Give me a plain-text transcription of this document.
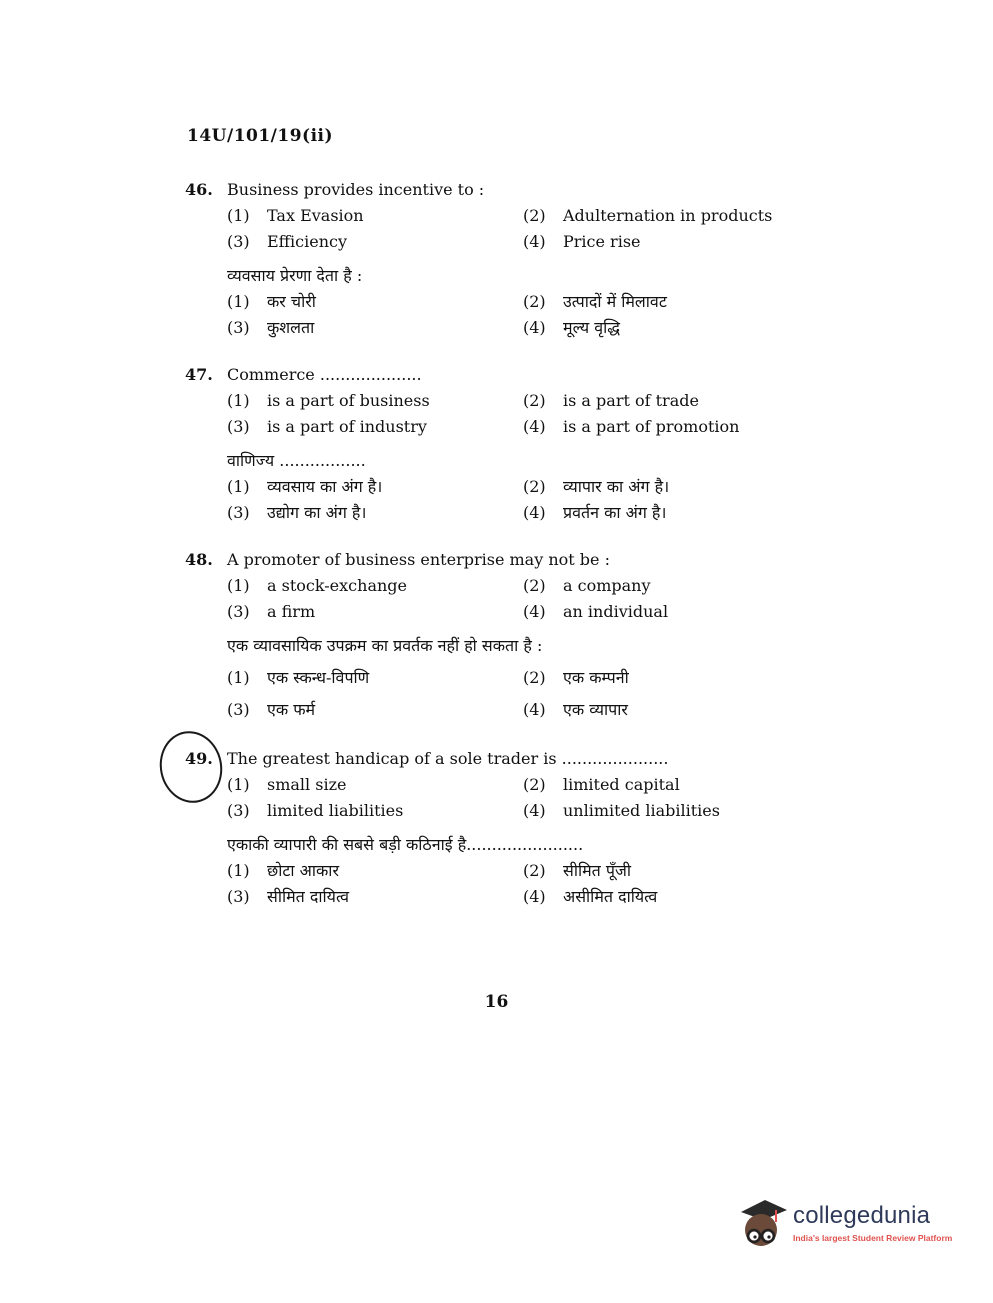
14U/101/19(ii)
46. Business provides incentive to :
(1) Tax Evasion	(2) Adulternation in products
(3) Efficiency	(4) Price rise
व्यवसाय प्रेरणा देता है :
(1) कर चोरी	(2) उत्पादों में मिलावट
(3) कुशलता	(4) मूल्य वृद्धि
47. Commerce ....................
(1) is a part of business	(2) is a part of trade
(3) is a part of industry	(4) is a part of promotion
वाणिज्य .................
(1) व्यवसाय का अंग है।	(2) व्यापार का अंग है।
(3) उद्योग का अंग है।	(4) प्रवर्तन का अंग है।
48. A promoter of business enterprise may not be :
(1) a stock-exchange	(2) a company
(3) a firm	(4) an individual
एक व्यावसायिक उपक्रम का प्रवर्तक नहीं हो सकता है :
(1) एक स्कन्ध-विपणि	(2) एक कम्पनी
(3) एक फर्म	(4) एक व्यापार
49. The greatest handicap of a sole trader is .....................
(1) small size	(2) limited capital
(3) limited liabilities	(4) unlimited liabilities
एकाकी व्यापारी की सबसे बड़ी कठिनाई है.......................
(1) छोटा आकार	(2) सीमित पूँजी
(3) सीमित दायित्व	(4) असीमित दायित्व
16
collegedunia
India's largest Student Review Platform
